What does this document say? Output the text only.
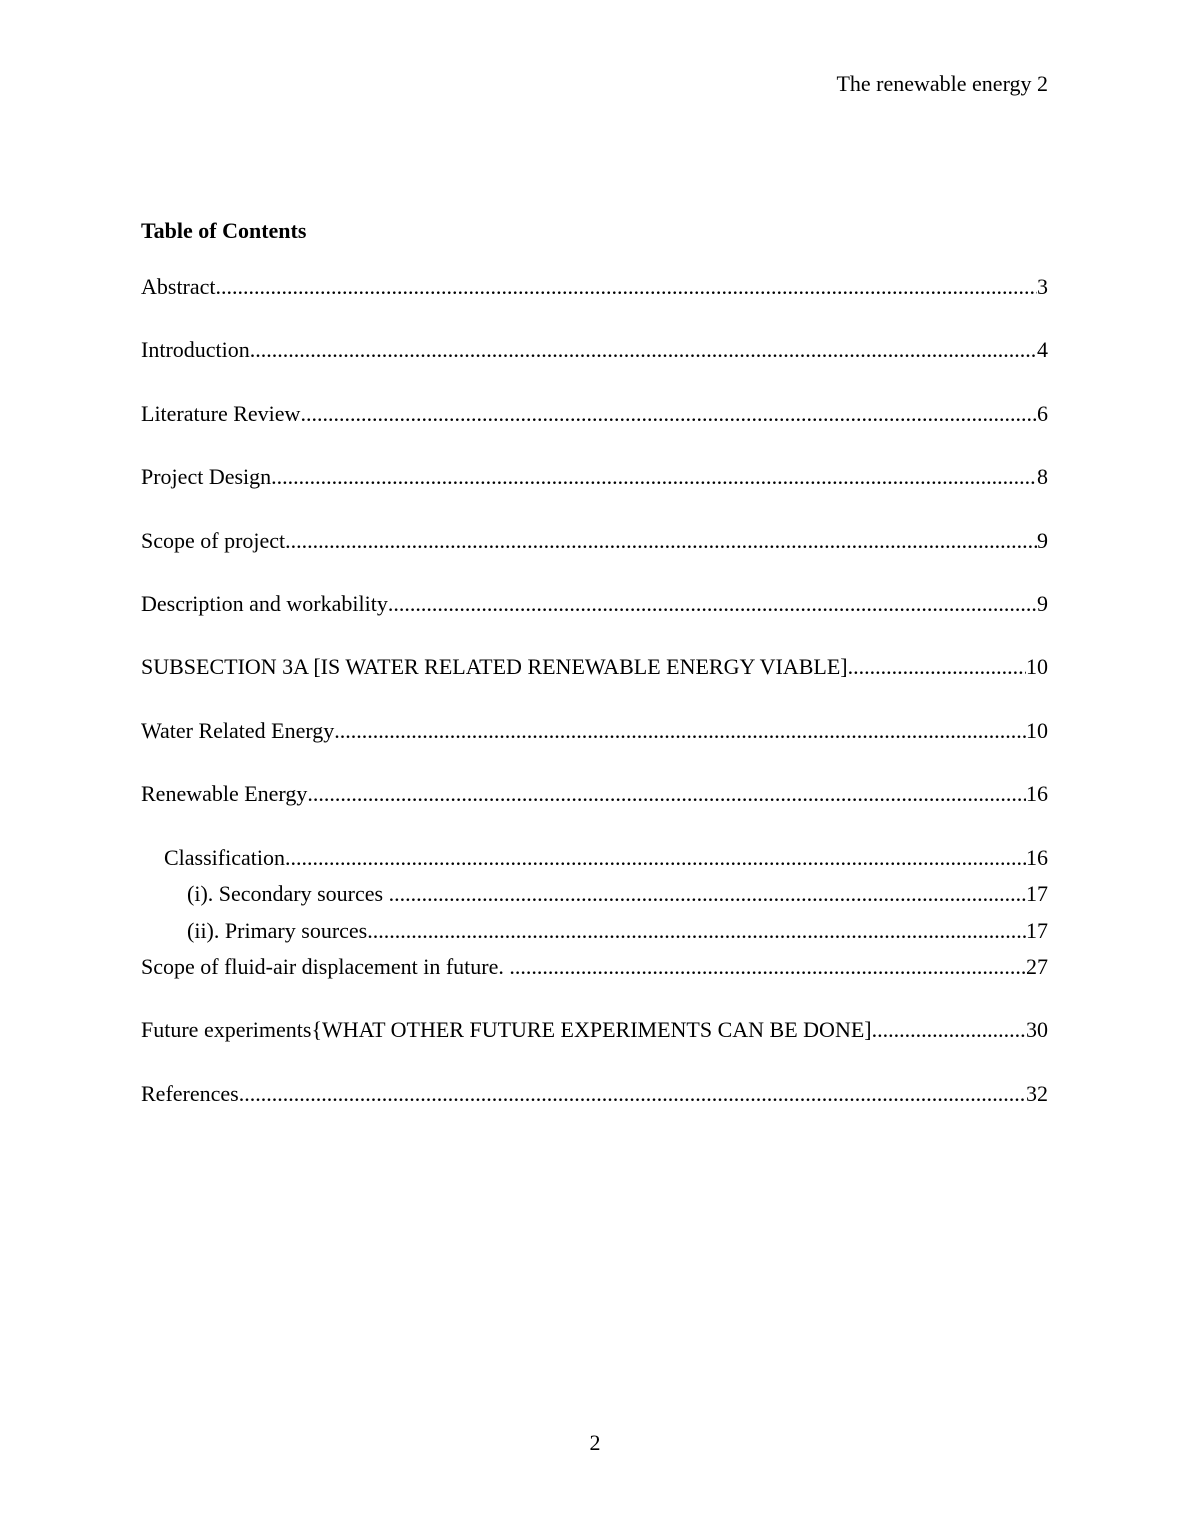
The renewable energy 2
Table of Contents
Abstract .....	3
Introduction .....	4
Literature Review .....	6
Project Design .....	8
Scope of project .....	9
Description and workability .....	9
SUBSECTION 3A [IS WATER RELATED RENEWABLE ENERGY VIABLE] .....	10
Water Related Energy .....	10
Renewable Energy .....	16
Classification .....	16
(i). Secondary sources .....	17
(ii). Primary sources .....	17
Scope of fluid-air displacement in future. .....	27
Future experiments{WHAT OTHER FUTURE EXPERIMENTS CAN BE DONE] .....	30
References .....	32
2
